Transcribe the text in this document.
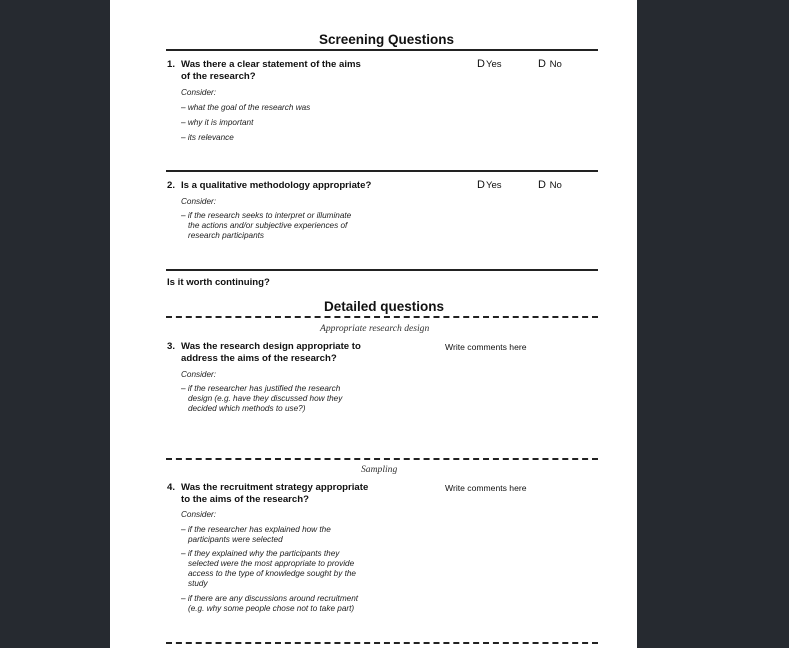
Screening Questions
1. Was there a clear statement of the aims
of the research?
Consider:
– what the goal of the research was
– why it is important
– its relevance
DYes	D No
2. Is a qualitative methodology appropriate?
Consider:
– if the research seeks to interpret or illuminate
the actions and/or subjective experiences of
research participants
DYes	D No
Is it worth continuing?
Detailed questions
Appropriate research design
3. Was the research design appropriate to
address the aims of the research?
Consider:
– if the researcher has justified the research
design (e.g. have they discussed how they
decided which methods to use?)
Write comments here
Sampling
4. Was the recruitment strategy appropriate
to the aims of the research?
Consider:
– if the researcher has explained how the
participants were selected
– if they explained why the participants they
selected were the most appropriate to provide
access to the type of knowledge sought by the
study
– if there are any discussions around recruitment
(e.g. why some people chose not to take part)
Write comments here
